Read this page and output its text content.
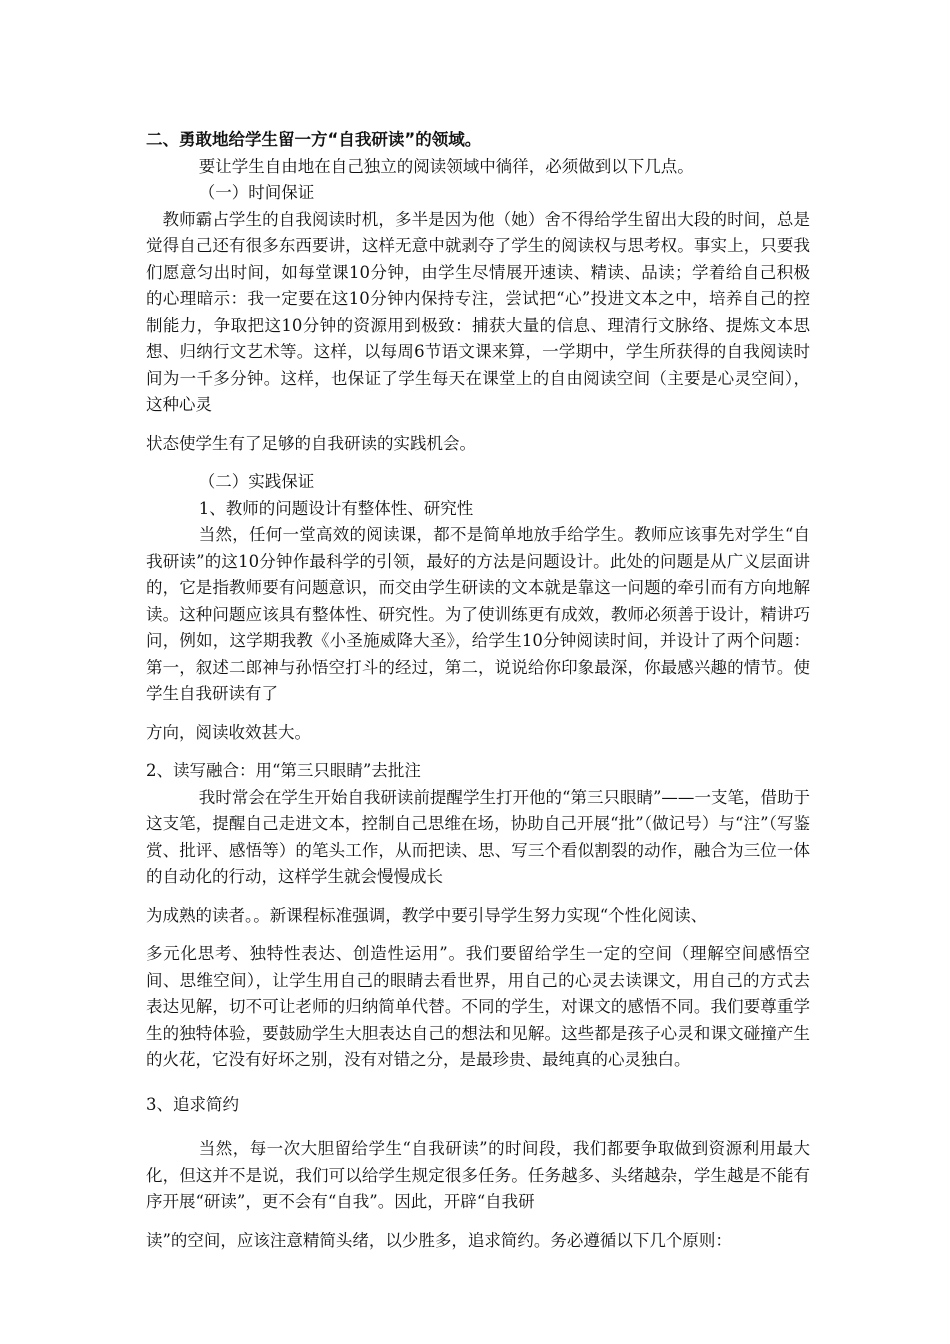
二、勇敢地给学生留一方“自我研读”的领域。

要让学生自由地在自己独立的阅读领域中徜徉，必须做到以下几点。

（一）时间保证

教师霸占学生的自我阅读时机，多半是因为他（她）舍不得给学生留出大段的时间，总是觉得自己还有很多东西要讲，这样无意中就剥夺了学生的阅读权与思考权。事实上，只要我们愿意匀出时间，如每堂课10分钟，由学生尽情展开速读、精读、品读；学着给自己积极的心理暗示：我一定要在这10分钟内保持专注，尝试把“心”投进文本之中，培养自己的控制能力，争取把这10分钟的资源用到极致：捕获大量的信息、理清行文脉络、提炼文本思想、归纳行文艺术等。这样，以每周6节语文课来算，一学期中，学生所获得的自我阅读时间为一千多分钟。这样，也保证了学生每天在课堂上的自由阅读空间（主要是心灵空间），这种心灵

状态使学生有了足够的自我研读的实践机会。

（二）实践保证

1、教师的问题设计有整体性、研究性

当然，任何一堂高效的阅读课，都不是简单地放手给学生。教师应该事先对学生“自我研读”的这10分钟作最科学的引领，最好的方法是问题设计。此处的问题是从广义层面讲的，它是指教师要有问题意识，而交由学生研读的文本就是靠这一问题的牵引而有方向地解读。这种问题应该具有整体性、研究性。为了使训练更有成效，教师必须善于设计，精讲巧问，例如，这学期我教《小圣施威降大圣》，给学生10分钟阅读时间，并设计了两个问题：第一，叙述二郎神与孙悟空打斗的经过，第二，说说给你印象最深，你最感兴趣的情节。使学生自我研读有了

方向，阅读收效甚大。

2、读写融合：用“第三只眼睛”去批注

我时常会在学生开始自我研读前提醒学生打开他的“第三只眼睛”——一支笔，借助于这支笔，提醒自己走进文本，控制自己思维在场，协助自己开展“批”（做记号）与“注”（写鉴赏、批评、感悟等）的笔头工作，从而把读、思、写三个看似割裂的动作，融合为三位一体的自动化的行动，这样学生就会慢慢成长

为成熟的读者。。新课程标准强调，教学中要引导学生努力实现“个性化阅读、

多元化思考、独特性表达、创造性运用”。我们要留给学生一定的空间（理解空间感悟空间、思维空间），让学生用自己的眼睛去看世界，用自己的心灵去读课文，用自己的方式去表达见解，切不可让老师的归纳简单代替。不同的学生，对课文的感悟不同。我们要尊重学生的独特体验，要鼓励学生大胆表达自己的想法和见解。这些都是孩子心灵和课文碰撞产生的火花，它没有好坏之别，没有对错之分，是最珍贵、最纯真的心灵独白。

3、追求简约

当然，每一次大胆留给学生“自我研读”的时间段，我们都要争取做到资源利用最大化，但这并不是说，我们可以给学生规定很多任务。任务越多、头绪越杂，学生越是不能有序开展“研读”，更不会有“自我”。因此，开辟“自我研

读”的空间，应该注意精简头绪，以少胜多，追求简约。务必遵循以下几个原则：
